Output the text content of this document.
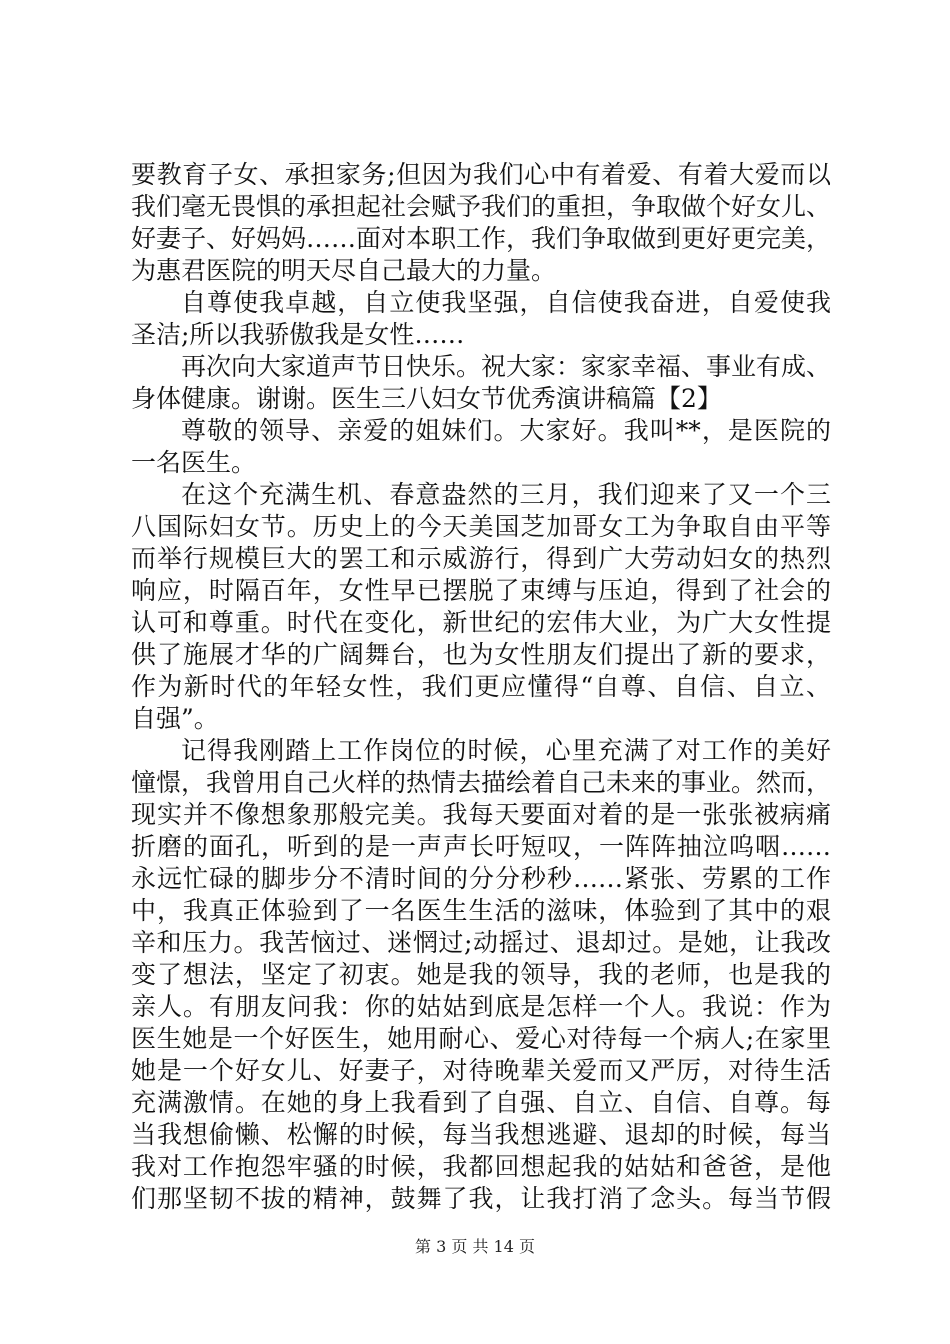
要教育子女、承担家务;但因为我们心中有着爱、有着大爱而以
我们毫无畏惧的承担起社会赋予我们的重担，争取做个好女儿、
好妻子、好妈妈……面对本职工作，我们争取做到更好更完美，
为惠君医院的明天尽自己最大的力量。
自尊使我卓越，自立使我坚强，自信使我奋进，自爱使我
圣洁;所以我骄傲我是女性……
再次向大家道声节日快乐。祝大家：家家幸福、事业有成、
身体健康。谢谢。医生三八妇女节优秀演讲稿篇【2】
尊敬的领导、亲爱的姐妹们。大家好。我叫**，是医院的
一名医生。
在这个充满生机、春意盎然的三月，我们迎来了又一个三
八国际妇女节。历史上的今天美国芝加哥女工为争取自由平等
而举行规模巨大的罢工和示威游行，得到广大劳动妇女的热烈
响应，时隔百年，女性早已摆脱了束缚与压迫，得到了社会的
认可和尊重。时代在变化，新世纪的宏伟大业，为广大女性提
供了施展才华的广阔舞台，也为女性朋友们提出了新的要求，
作为新时代的年轻女性，我们更应懂得“自尊、自信、自立、
自强”。
记得我刚踏上工作岗位的时候，心里充满了对工作的美好
憧憬，我曾用自己火样的热情去描绘着自己未来的事业。然而，
现实并不像想象那般完美。我每天要面对着的是一张张被病痛
折磨的面孔，听到的是一声声长吁短叹，一阵阵抽泣呜咽……
永远忙碌的脚步分不清时间的分分秒秒……紧张、劳累的工作
中，我真正体验到了一名医生生活的滋味，体验到了其中的艰
辛和压力。我苦恼过、迷惘过;动摇过、退却过。是她，让我改
变了想法，坚定了初衷。她是我的领导，我的老师，也是我的
亲人。有朋友问我：你的姑姑到底是怎样一个人。我说：作为
医生她是一个好医生，她用耐心、爱心对待每一个病人;在家里
她是一个好女儿、好妻子，对待晚辈关爱而又严厉，对待生活
充满激情。在她的身上我看到了自强、自立、自信、自尊。每
当我想偷懒、松懈的时候，每当我想逃避、退却的时候，每当
我对工作抱怨牢骚的时候，我都回想起我的姑姑和爸爸，是他
们那坚韧不拔的精神，鼓舞了我，让我打消了念头。每当节假
第 3 页 共 14 页
